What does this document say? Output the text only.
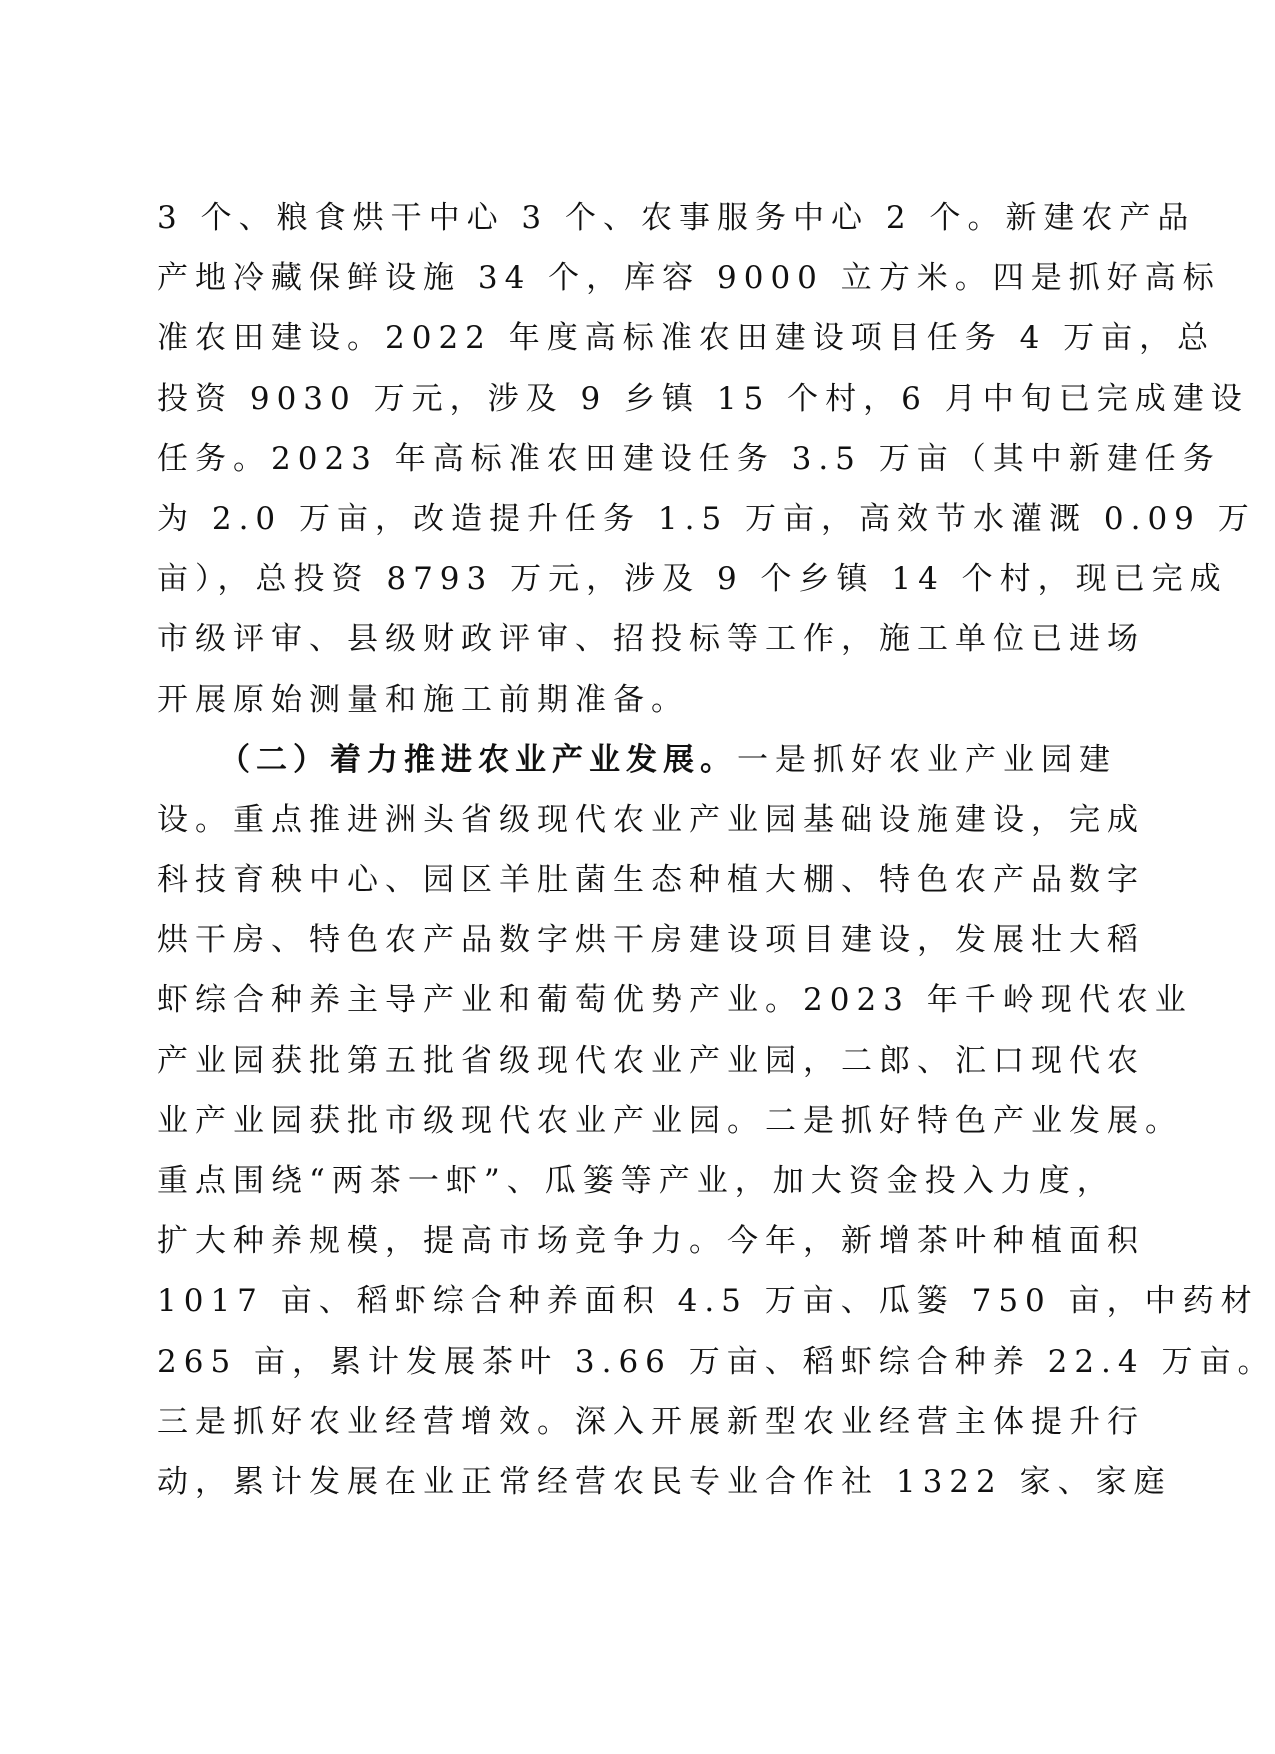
3 个、粮食烘干中心 3 个、农事服务中心 2 个。新建农产品
产地冷藏保鲜设施 34 个，库容 9000 立方米。四是抓好高标
准农田建设。2022 年度高标准农田建设项目任务 4 万亩，总
投资 9030 万元，涉及 9 乡镇 15 个村，6 月中旬已完成建设
任务。2023 年高标准农田建设任务 3.5 万亩（其中新建任务
为 2.0 万亩，改造提升任务 1.5 万亩，高效节水灌溉 0.09 万
亩），总投资 8793 万元，涉及 9 个乡镇 14 个村，现已完成
市级评审、县级财政评审、招投标等工作，施工单位已进场
开展原始测量和施工前期准备。
（二）着力推进农业产业发展。一是抓好农业产业园建
设。重点推进洲头省级现代农业产业园基础设施建设，完成
科技育秧中心、园区羊肚菌生态种植大棚、特色农产品数字
烘干房、特色农产品数字烘干房建设项目建设，发展壮大稻
虾综合种养主导产业和葡萄优势产业。2023 年千岭现代农业
产业园获批第五批省级现代农业产业园，二郎、汇口现代农
业产业园获批市级现代农业产业园。二是抓好特色产业发展。
重点围绕“两茶一虾”、瓜篓等产业，加大资金投入力度，
扩大种养规模，提高市场竞争力。今年，新增茶叶种植面积
1017 亩、稻虾综合种养面积 4.5 万亩、瓜篓 750 亩，中药材
265 亩，累计发展茶叶 3.66 万亩、稻虾综合种养 22.4 万亩。
三是抓好农业经营增效。深入开展新型农业经营主体提升行
动，累计发展在业正常经营农民专业合作社 1322 家、家庭
